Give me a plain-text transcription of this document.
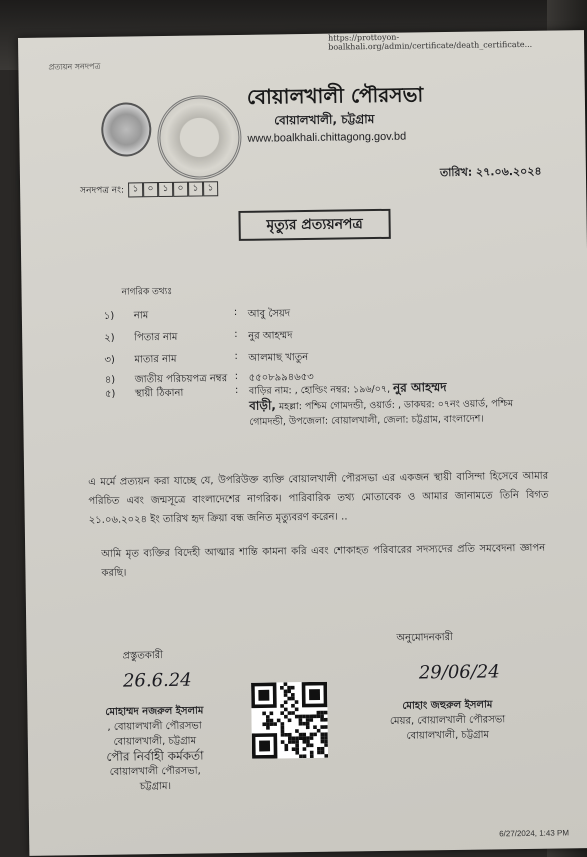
https://prottoyon-boalkhali.org/admin/certificate/death_certificate...
প্রত্যয়ন সনদপত্র
বোয়ালখালী পৌরসভা
বোয়ালখালী, চট্টগ্রাম
www.boalkhali.chittagong.gov.bd
তারিখ: ২৭.০৬.২০২৪
সনদপত্র নং: ১	০	১	০	১	১
মৃত্যুর প্রত্যয়নপত্র
নাগরিক তথ্যঃ
১)	নাম	:	আবু সৈয়দ
২)	পিতার নাম	:	নুর আহম্মদ
৩)	মাতার নাম	:	আলমাছ খাতুন
৪)	জাতীয় পরিচয়পত্র নম্বর :	৫৫০৮৯৯৪৬৫৩
৫)	স্থায়ী ঠিকানা	:	বাড়ির নাম: , হোল্ডিং নম্বর: ১৯৬/০৭, নুর আহম্মদ
বাড়ী, মহল্লা: পশ্চিম গোমদন্ডী, ওয়ার্ড: , ডাকঘর: ০৭নং ওয়ার্ড, পশ্চিম গোমদন্ডী, উপজেলা: বোয়ালখালী, জেলা: চট্টগ্রাম, বাংলাদেশ।
এ মর্মে প্রত্যয়ন করা যাচ্ছে যে, উপরিউক্ত ব্যক্তি বোয়ালখালী পৌরসভা এর একজন স্থায়ী বাসিন্দা হিসেবে আমার পরিচিত এবং জন্মসূত্রে বাংলাদেশের নাগরিক। পারিবারিক তথ্য মোতাবেক ও আমার জানামতে তিনি বিগত ২১.০৬.২০২৪ ইং তারিখ হৃদ ক্রিয়া বন্ধ জনিত মৃত্যুবরণ করেন। ..
আমি মৃত ব্যক্তির বিদেহী আত্মার শান্তি কামনা করি এবং শোকাহত পরিবারের সদস্যদের প্রতি সমবেদনা জ্ঞাপন করছি।
প্রস্তুতকারী
26.6.24
মোহাম্মদ নজরুল ইসলাম
, বোয়ালখালী পৌরসভা
বোয়ালখালী, চট্টগ্রাম
পৌর নির্বাহী কর্মকর্তা
বোয়ালখালী পৌরসভা,
চট্টগ্রাম।
অনুমোদনকারী
29/06/24
মোহাং জহুরুল ইসলাম
মেয়র, বোয়ালখালী পৌরসভা
বোয়ালখালী, চট্টগ্রাম
6/27/2024, 1:43 PM
